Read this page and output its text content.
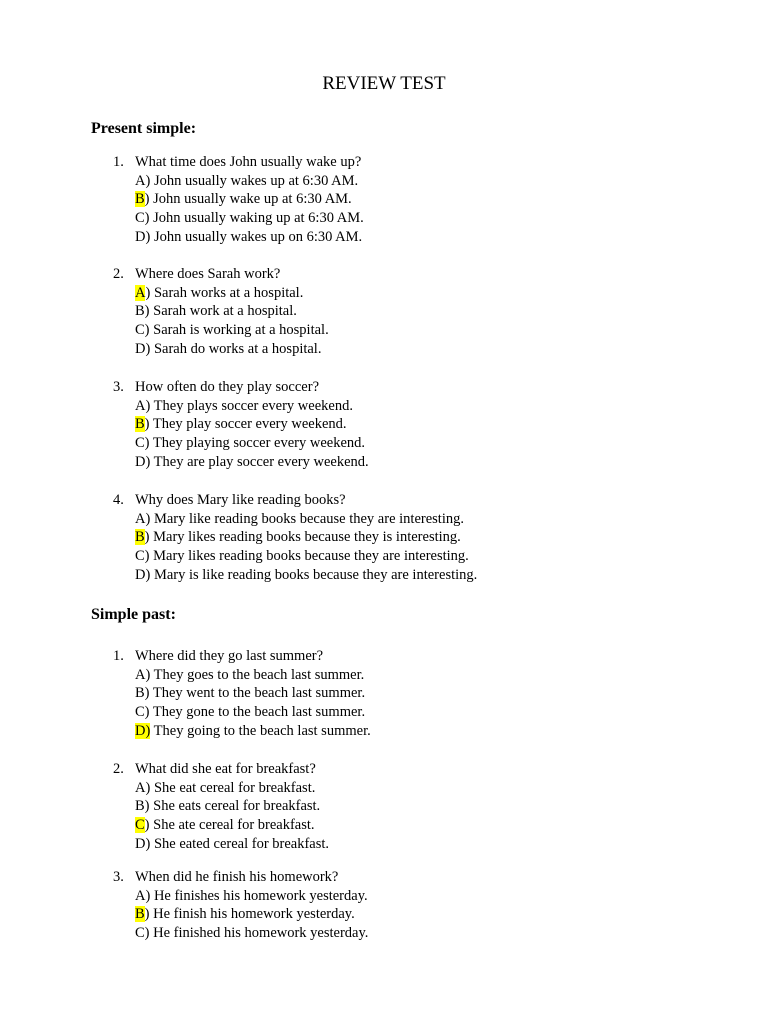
REVIEW TEST
Present simple:
1. What time does John usually wake up?
A) John usually wakes up at 6:30 AM.
B) John usually wake up at 6:30 AM.
C) John usually waking up at 6:30 AM.
D) John usually wakes up on 6:30 AM.
2. Where does Sarah work?
A) Sarah works at a hospital.
B) Sarah work at a hospital.
C) Sarah is working at a hospital.
D) Sarah do works at a hospital.
3. How often do they play soccer?
A) They plays soccer every weekend.
B) They play soccer every weekend.
C) They playing soccer every weekend.
D) They are play soccer every weekend.
4. Why does Mary like reading books?
A) Mary like reading books because they are interesting.
B) Mary likes reading books because they is interesting.
C) Mary likes reading books because they are interesting.
D) Mary is like reading books because they are interesting.
Simple past:
1. Where did they go last summer?
A) They goes to the beach last summer.
B) They went to the beach last summer.
C) They gone to the beach last summer.
D) They going to the beach last summer.
2. What did she eat for breakfast?
A) She eat cereal for breakfast.
B) She eats cereal for breakfast.
C) She ate cereal for breakfast.
D) She eated cereal for breakfast.
3. When did he finish his homework?
A) He finishes his homework yesterday.
B) He finish his homework yesterday.
C) He finished his homework yesterday.
